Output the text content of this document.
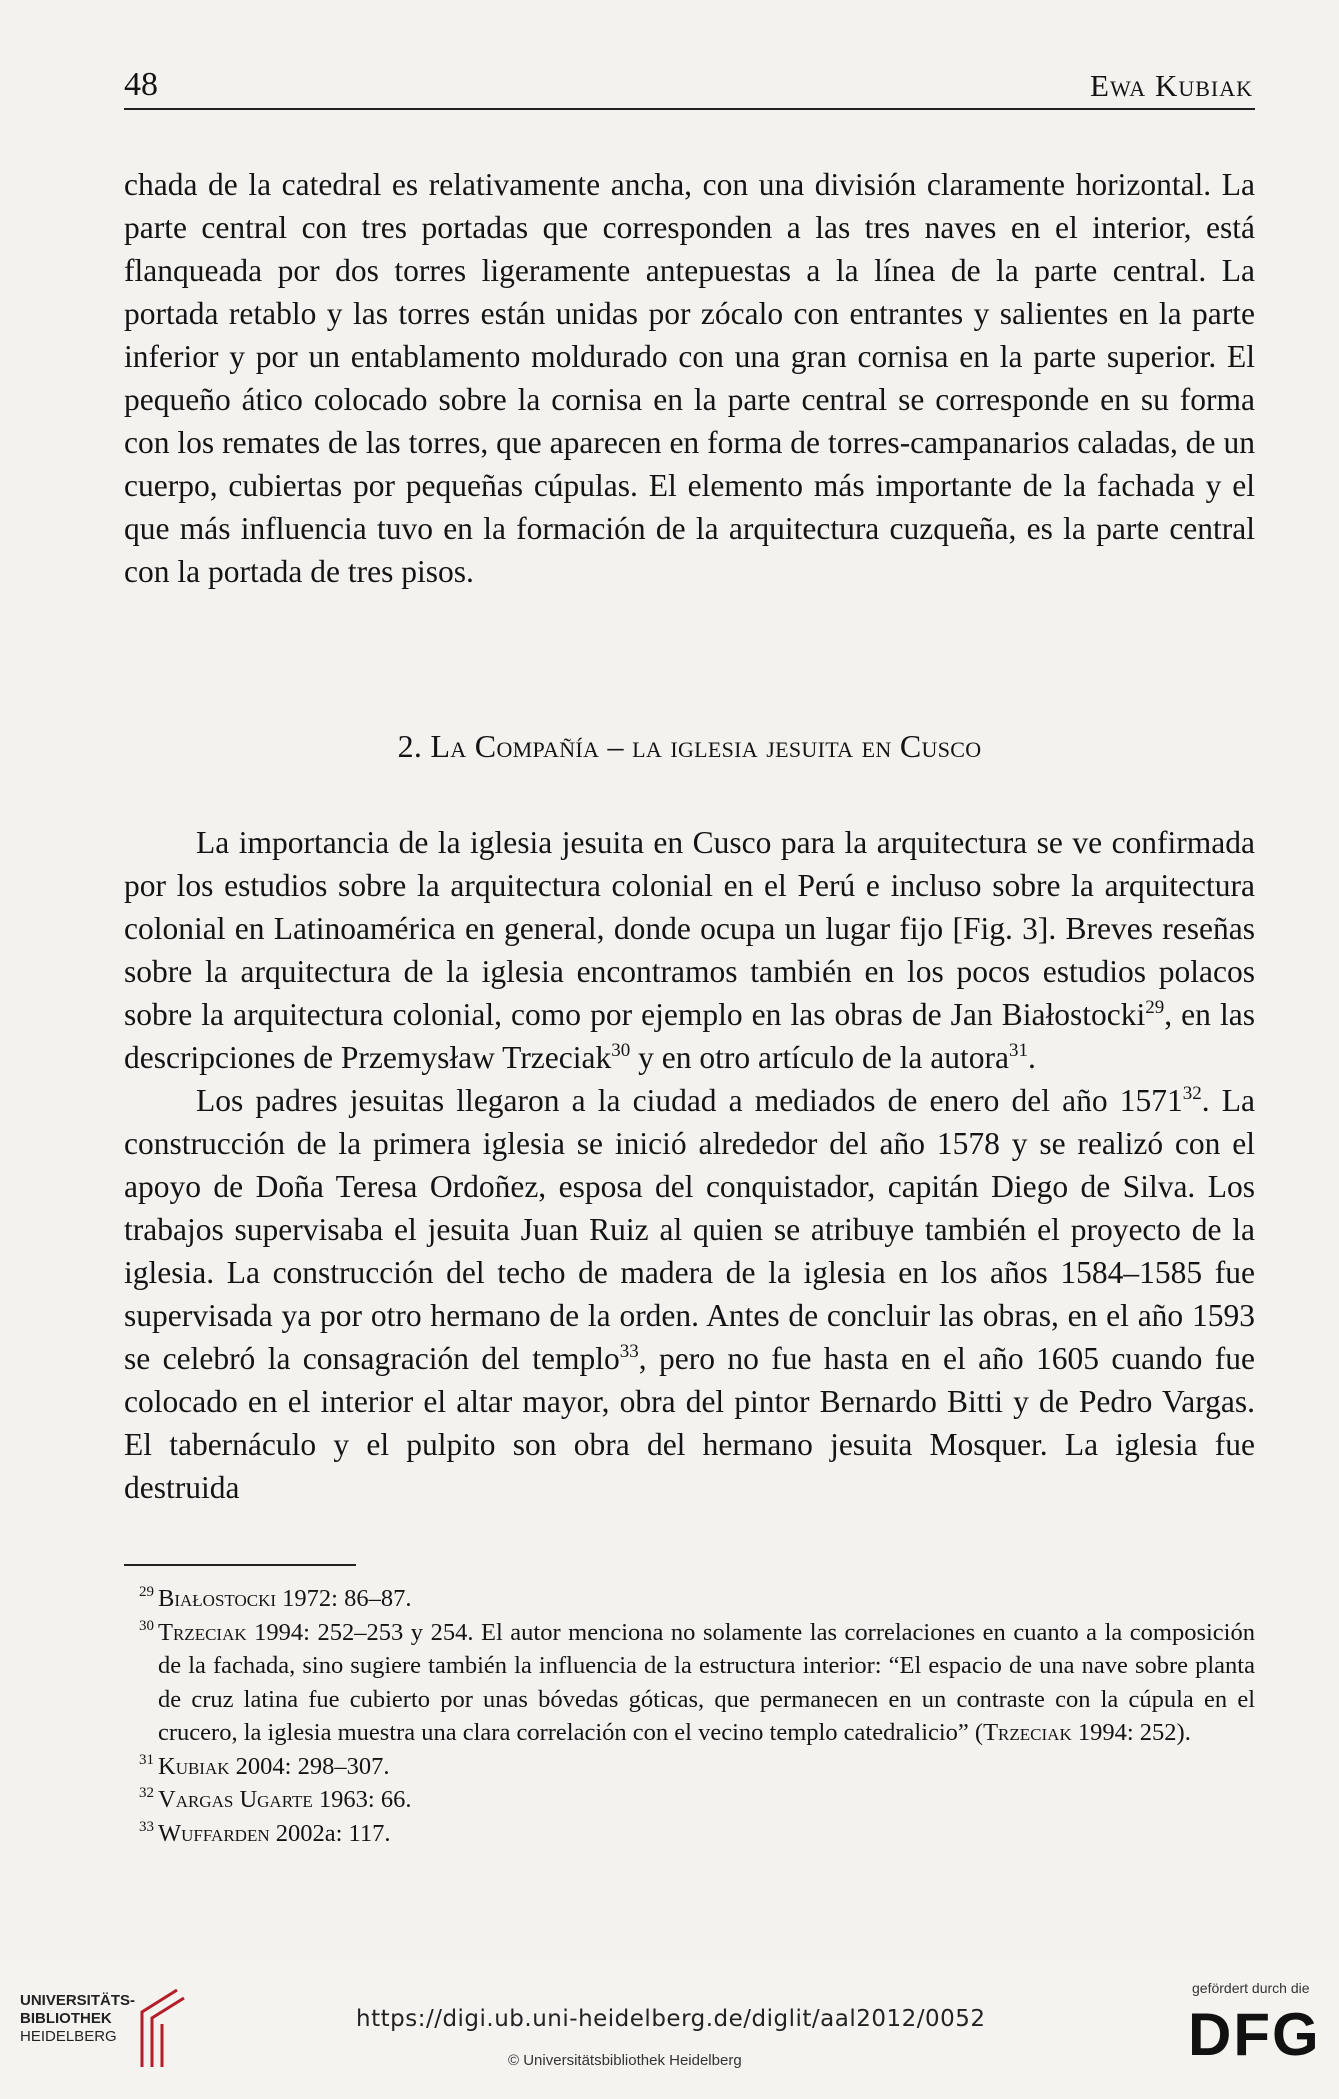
48	Ewa Kubiak

chada de la catedral es relativamente ancha, con una división claramente horizontal. La parte central con tres portadas que corresponden a las tres naves en el interior, está flanqueada por dos torres ligeramente antepuestas a la línea de la parte central. La portada retablo y las torres están unidas por zócalo con entrantes y salientes en la parte inferior y por un entablamento moldurado con una gran cornisa en la parte superior. El pequeño ático colocado sobre la cornisa en la parte central se corresponde en su forma con los remates de las torres, que aparecen en forma de torres-campanarios caladas, de un cuerpo, cubiertas por pequeñas cúpulas. El elemento más importante de la fachada y el que más influencia tuvo en la formación de la arquitectura cuzqueña, es la parte central con la portada de tres pisos.

2. La Compañía – la iglesia jesuita en Cusco

La importancia de la iglesia jesuita en Cusco para la arquitectura se ve confirmada por los estudios sobre la arquitectura colonial en el Perú e incluso sobre la arquitectura colonial en Latinoamérica en general, donde ocupa un lugar fijo [Fig. 3]. Breves reseñas sobre la arquitectura de la iglesia encontramos también en los pocos estudios polacos sobre la arquitectura colonial, como por ejemplo en las obras de Jan Białostocki$^{29}$, en las descripciones de Przemysław Trzeciak$^{30}$ y en otro artículo de la autora$^{31}$.

Los padres jesuitas llegaron a la ciudad a mediados de enero del año 1571$^{32}$. La construcción de la primera iglesia se inició alrededor del año 1578 y se realizó con el apoyo de Doña Teresa Ordoñez, esposa del conquistador, capitán Diego de Silva. Los trabajos supervisaba el jesuita Juan Ruiz al quien se atribuye también el proyecto de la iglesia. La construcción del techo de madera de la iglesia en los años 1584–1585 fue supervisada ya por otro hermano de la orden. Antes de concluir las obras, en el año 1593 se celebró la consagración del templo$^{33}$, pero no fue hasta en el año 1605 cuando fue colocado en el interior el altar mayor, obra del pintor Bernardo Bitti y de Pedro Vargas. El tabernáculo y el pulpito son obra del hermano jesuita Mosquer. La iglesia fue destruida

29 Białostocki 1972: 86–87.

30 Trzeciak 1994: 252–253 y 254. El autor menciona no solamente las correlaciones en cuanto a la composición de la fachada, sino sugiere también la influencia de la estructura interior: “El espacio de una nave sobre planta de cruz latina fue cubierto por unas bóvedas góticas, que permanecen en un contraste con la cúpula en el crucero, la iglesia muestra una clara correlación con el vecino templo catedralicio” (Trzeciak 1994: 252).

31 Kubiak 2004: 298–307.

32 Vargas Ugarte 1963: 66.

33 Wuffarden 2002a: 117.

UNIVERSITÄTS-
BIBLIOTHEK
HEIDELBERG
https://digi.ub.uni-heidelberg.de/diglit/aal2012/0052
© Universitätsbibliothek Heidelberg
gefördert durch die
DFG
